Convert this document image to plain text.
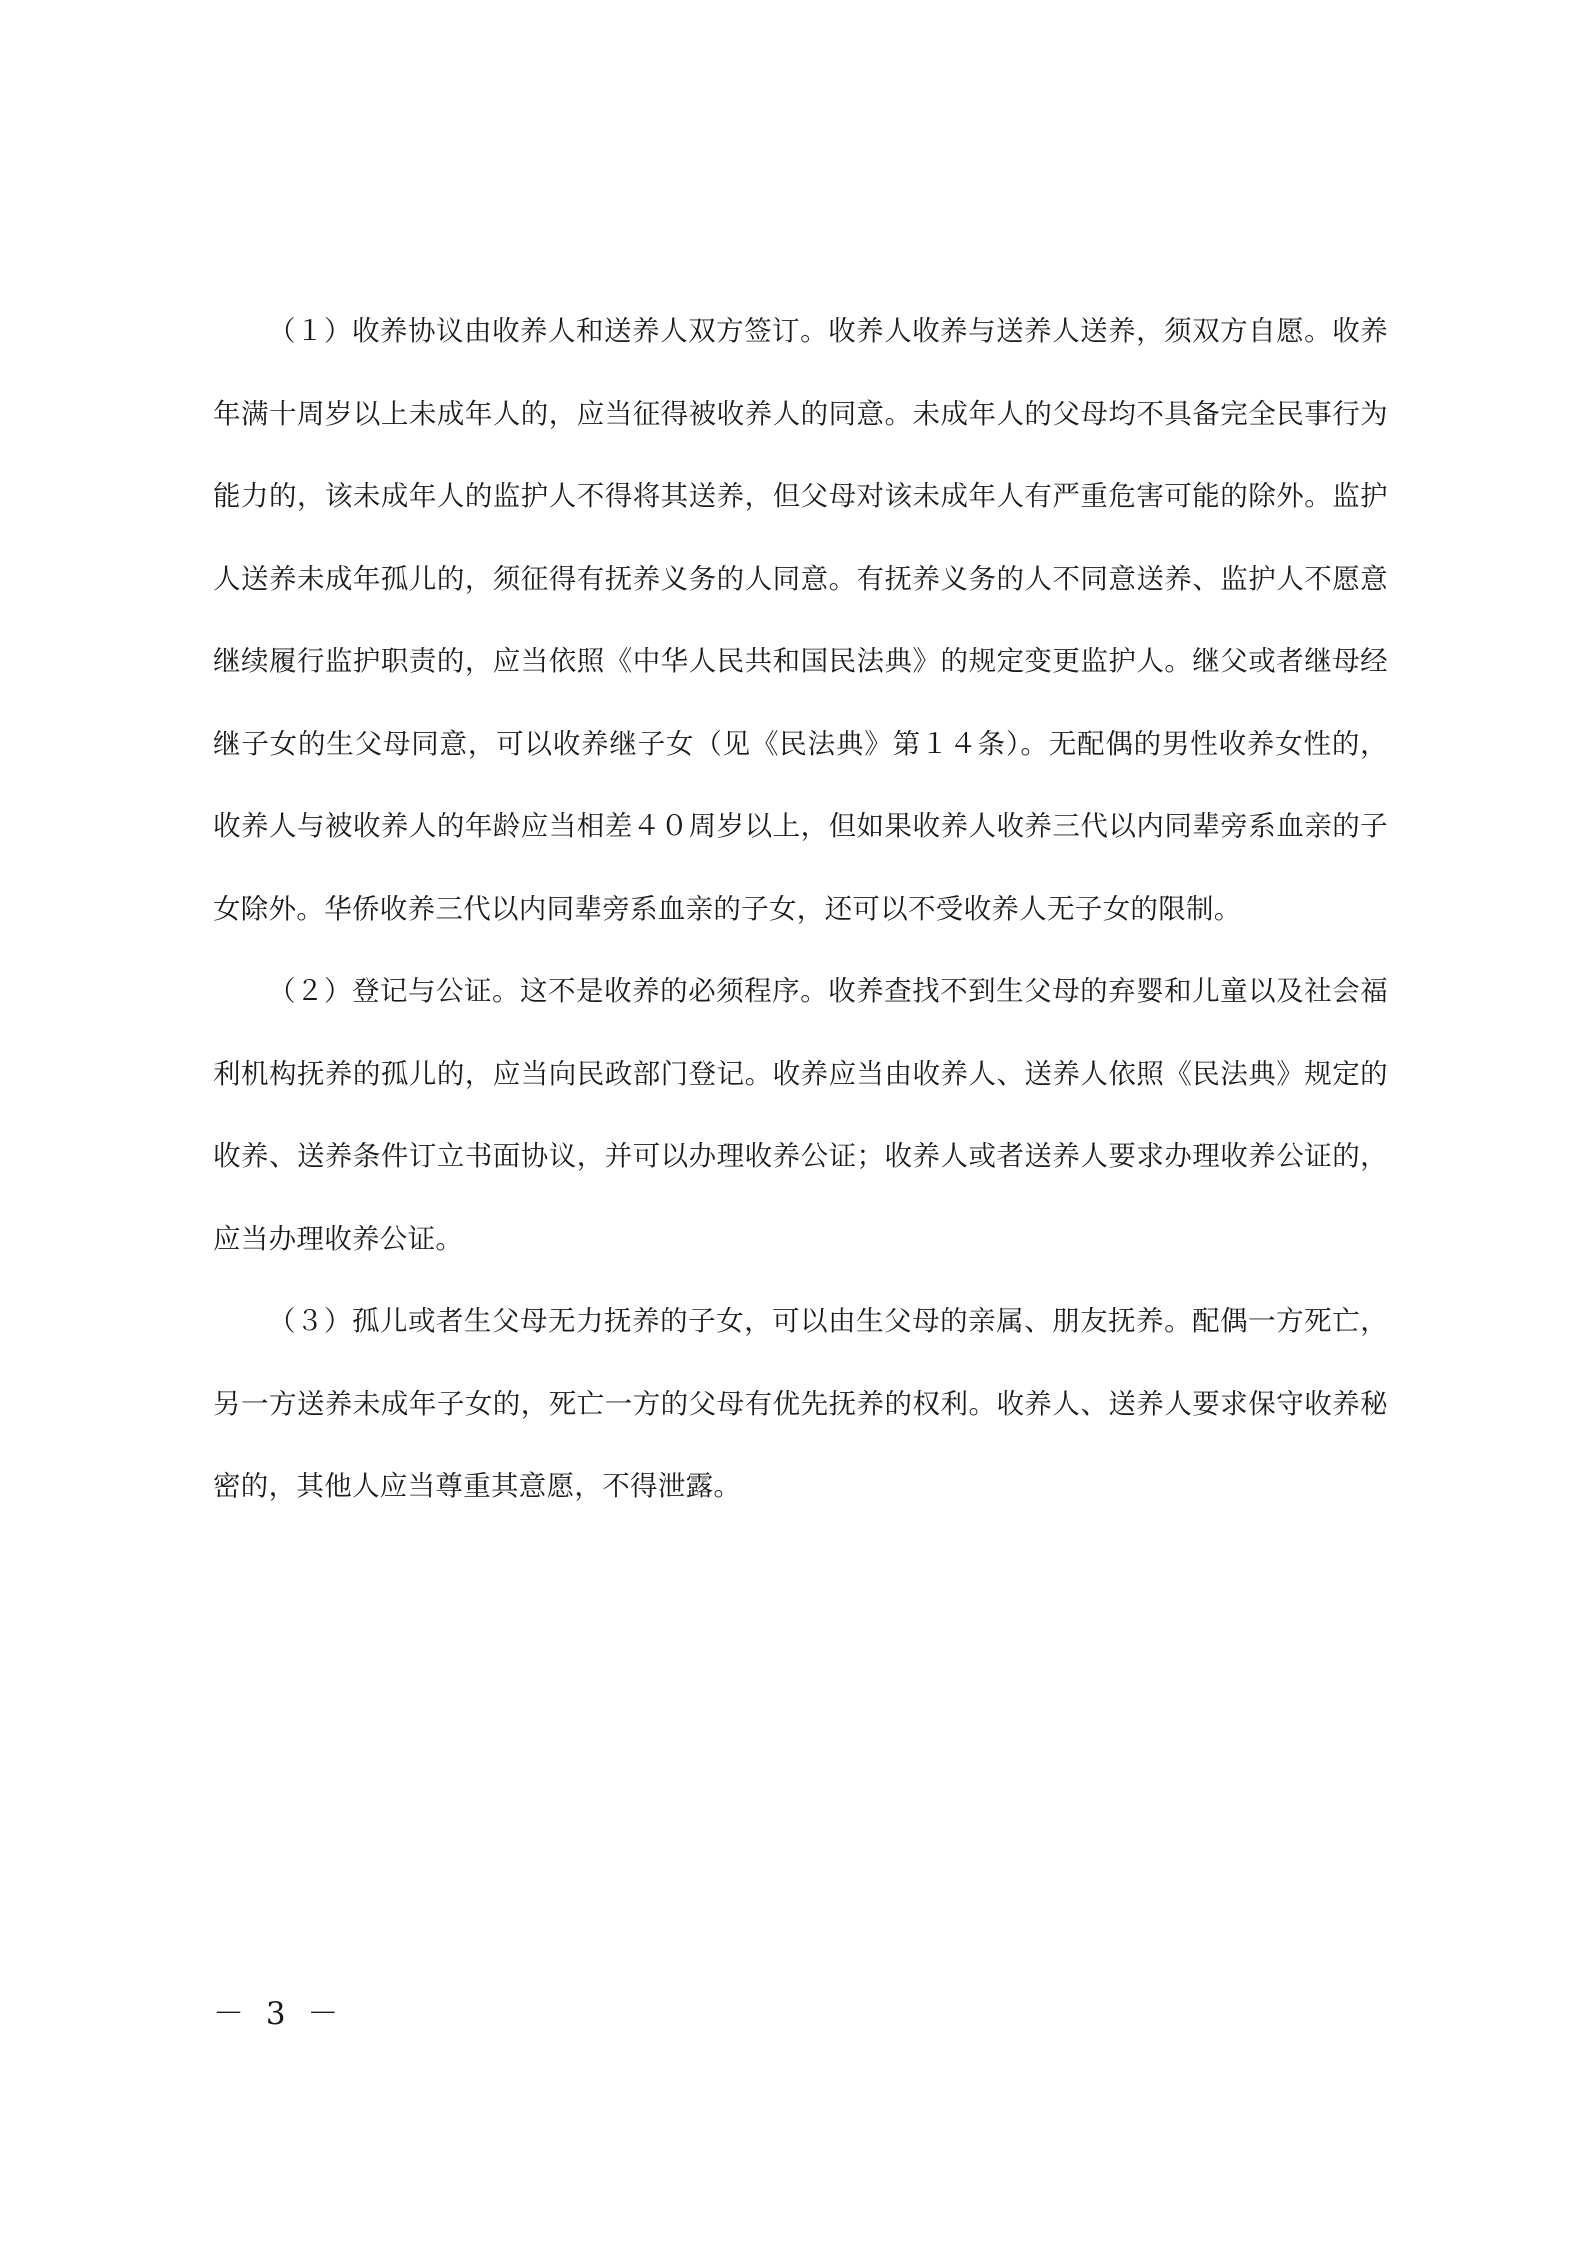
（１）收养协议由收养人和送养人双方签订。收养人收养与送养人送养，须双方自愿。收养年满十周岁以上未成年人的，应当征得被收养人的同意。未成年人的父母均不具备完全民事行为能力的，该未成年人的监护人不得将其送养，但父母对该未成年人有严重危害可能的除外。监护人送养未成年孤儿的，须征得有抚养义务的人同意。有抚养义务的人不同意送养、监护人不愿意继续履行监护职责的，应当依照《中华人民共和国民法典》的规定变更监护人。继父或者继母经继子女的生父母同意，可以收养继子女（见《民法典》第１４条）。无配偶的男性收养女性的，收养人与被收养人的年龄应当相差４０周岁以上，但如果收养人收养三代以内同辈旁系血亲的子女除外。华侨收养三代以内同辈旁系血亲的子女，还可以不受收养人无子女的限制。

（２）登记与公证。这不是收养的必须程序。收养查找不到生父母的弃婴和儿童以及社会福利机构抚养的孤儿的，应当向民政部门登记。收养应当由收养人、送养人依照《民法典》规定的收养、送养条件订立书面协议，并可以办理收养公证；收养人或者送养人要求办理收养公证的，应当办理收养公证。

（３）孤儿或者生父母无力抚养的子女，可以由生父母的亲属、朋友抚养。配偶一方死亡，另一方送养未成年子女的，死亡一方的父母有优先抚养的权利。收养人、送养人要求保守收养秘密的，其他人应当尊重其意愿，不得泄露。

－ 3 －
